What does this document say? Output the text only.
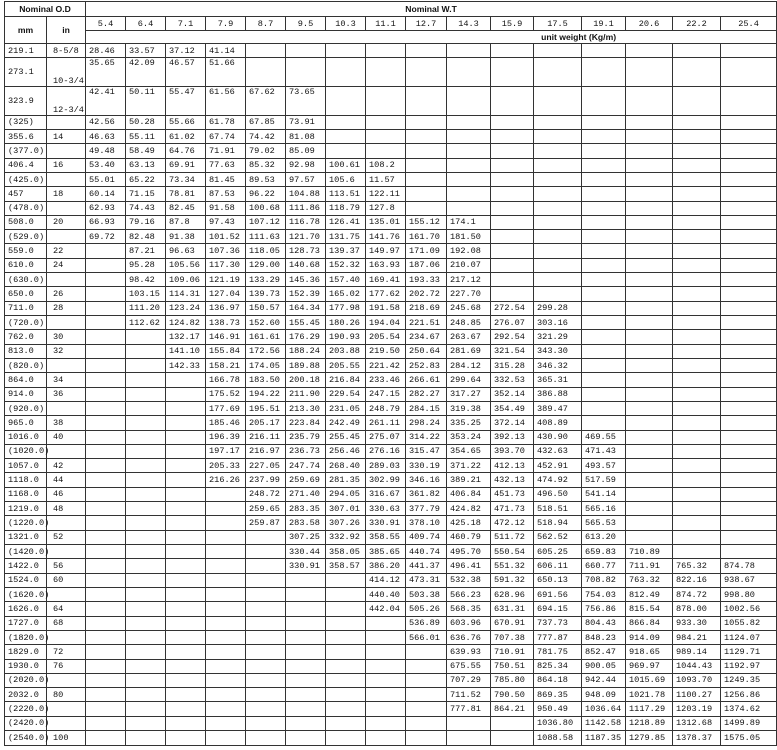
Nominal O.D		Nominal W.T															
mm	in	5.4	6.4	7.1	7.9	8.7	9.5	10.3	11.1	12.7	14.3	15.9	17.5	19.1	20.6	22.2	25.4
		unit weight (Kg/m)															
219.1	8-5/8	28.46	33.57	37.12	41.14												
273.1	10-3/4	35.65	42.09	46.57	51.66												
323.9	12-3/4	42.41	50.11	55.47	61.56	67.62	73.65										
(325)		42.56	50.28	55.66	61.78	67.85	73.91										
355.6	14	46.63	55.11	61.02	67.74	74.42	81.08										
(377.0)		49.48	58.49	64.76	71.91	79.02	85.09										
406.4	16	53.40	63.13	69.91	77.63	85.32	92.98	100.61	108.2								
(425.0)		55.01	65.22	73.34	81.45	89.53	97.57	105.6	11.57								
457	18	60.14	71.15	78.81	87.53	96.22	104.88	113.51	122.11								
(478.0)		62.93	74.43	82.45	91.58	100.68	111.86	118.79	127.8								
508.0	20	66.93	79.16	87.8	97.43	107.12	116.78	126.41	135.01	155.12	174.1						
(529.0)		69.72	82.48	91.38	101.52	111.63	121.70	131.75	141.76	161.70	181.50						
559.0	22		87.21	96.63	107.36	118.05	128.73	139.37	149.97	171.09	192.08						
610.0	24		95.28	105.56	117.30	129.00	140.68	152.32	163.93	187.06	210.07						
(630.0)			98.42	109.06	121.19	133.29	145.36	157.40	169.41	193.33	217.12						
650.0	26		103.15	114.31	127.04	139.73	152.39	165.02	177.62	202.72	227.70						
711.0	28		111.20	123.24	136.97	150.57	164.34	177.98	191.58	218.69	245.68	272.54	299.28				
(720.0)			112.62	124.82	138.73	152.60	155.45	180.26	194.04	221.51	248.85	276.07	303.16				
762.0	30			132.17	146.91	161.61	176.29	190.93	205.54	234.67	263.67	292.54	321.29				
813.0	32			141.10	155.84	172.56	188.24	203.88	219.50	250.64	281.69	321.54	343.30				
(820.0)				142.33	158.21	174.05	189.88	205.55	221.42	252.83	284.12	315.28	346.32				
864.0	34				166.78	183.50	200.18	216.84	233.46	266.61	299.64	332.53	365.31				
914.0	36				175.52	194.22	211.90	229.54	247.15	282.27	317.27	352.14	386.88				
(920.0)					177.69	195.51	213.30	231.05	248.79	284.15	319.38	354.49	389.47				
965.0	38				185.46	205.17	223.84	242.49	261.11	298.24	335.25	372.14	408.89				
1016.0	40				196.39	216.11	235.79	255.45	275.07	314.22	353.24	392.13	430.90	469.55			
(1020.0)					197.17	216.97	236.73	256.46	276.16	315.47	354.65	393.70	432.63	471.43			
1057.0	42				205.33	227.05	247.74	268.40	289.03	330.19	371.22	412.13	452.91	493.57			
1118.0	44				216.26	237.99	259.69	281.35	302.99	346.16	389.21	432.13	474.92	517.59			
1168.0	46					248.72	271.40	294.05	316.67	361.82	406.84	451.73	496.50	541.14			
1219.0	48					259.65	283.35	307.01	330.63	377.79	424.82	471.73	518.51	565.16			
(1220.0)						259.87	283.58	307.26	330.91	378.10	425.18	472.12	518.94	565.53			
1321.0	52						307.25	332.92	358.55	409.74	460.79	511.72	562.52	613.20			
(1420.0)							330.44	358.05	385.65	440.74	495.70	550.54	605.25	659.83	710.89		
1422.0	56						330.91	358.57	386.20	441.37	496.41	551.32	606.11	660.77	711.91	765.32	874.78
1524.0	60								414.12	473.31	532.38	591.32	650.13	708.82	763.32	822.16	938.67
(1620.0)									440.40	503.38	566.23	628.96	691.56	754.03	812.49	874.72	998.80
1626.0	64								442.04	505.26	568.35	631.31	694.15	756.86	815.54	878.00	1002.56
1727.0	68									536.89	603.96	670.91	737.73	804.43	866.84	933.30	1055.82
(1820.0)										566.01	636.76	707.38	777.87	848.23	914.09	984.21	1124.07
1829.0	72										639.93	710.91	781.75	852.47	918.65	989.14	1129.71
1930.0	76										675.55	750.51	825.34	900.05	969.97	1044.43	1192.97
(2020.0)											707.29	785.80	864.18	942.44	1015.69	1093.70	1249.35
2032.0	80										711.52	790.50	869.35	948.09	1021.78	1100.27	1256.86
(2220.0)											777.81	864.21	950.49	1036.64	1117.29	1203.19	1374.62
(2420.0)													1036.80	1142.58	1218.89	1312.68	1499.89
(2540.0)	100												1088.58	1187.35	1279.85	1378.37	1575.05
